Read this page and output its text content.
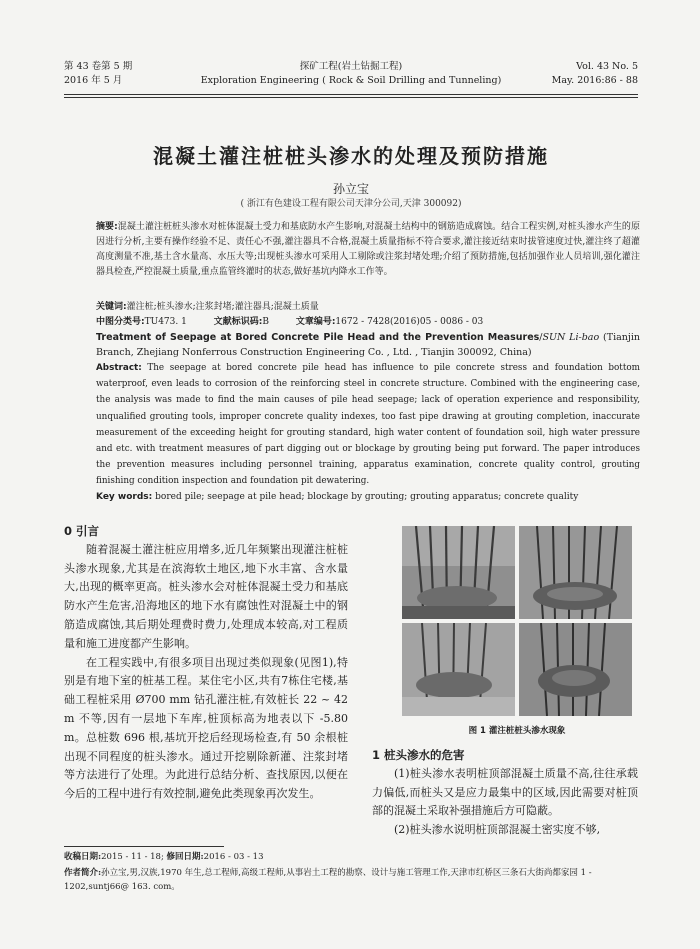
第 43 卷第 5 期
2016 年 5 月
探矿工程(岩土钻掘工程)
Exploration Engineering ( Rock & Soil Drilling and Tunneling)
Vol. 43 No. 5
May. 2016:86 - 88
混凝土灌注桩桩头渗水的处理及预防措施
孙立宝
( 浙江有色建设工程有限公司天津分公司,天津 300092)
摘要:混凝土灌注桩桩头渗水对桩体混凝土受力和基底防水产生影响,对混凝土结构中的钢筋造成腐蚀。结合工程实例,对桩头渗水产生的原因进行分析,主要有操作经验不足、责任心不强,灌注器具不合格,混凝土质量指标不符合要求,灌注接近结束时拔管速度过快,灌注终了超灌高度测量不准,基土含水量高、水压大等;出现桩头渗水可采用人工剔除或注浆封堵处理;介绍了预防措施,包括加强作业人员培训,强化灌注器具检查,严控混凝土质量,重点监管终灌时的状态,做好基坑内降水工作等。
关键词:灌注桩;桩头渗水;注浆封堵;灌注器具;混凝土质量
中图分类号:TU473. 1	文献标识码:B	文章编号:1672 - 7428(2016)05 - 0086 - 03
Treatment of Seepage at Bored Concrete Pile Head and the Prevention Measures/SUN Li-bao (Tianjin Branch, Zhejiang Nonferrous Construction Engineering Co. , Ltd. , Tianjin 300092, China)
Abstract: The seepage at bored concrete pile head has influence to pile concrete stress and foundation bottom waterproof, even leads to corrosion of the reinforcing steel in concrete structure. Combined with the engineering case, the analysis was made to find the main causes of pile head seepage; lack of operation experience and responsibility, unqualified grouting tools, improper concrete quality indexes, too fast pipe drawing at grouting completion, inaccurate measurement of the exceeding height for grouting standard, high water content of foundation soil, high water pressure and etc. with treatment measures of part digging out or blockage by grouting being put forward. The paper introduces the prevention measures including personnel training, apparatus examination, concrete quality control, grouting finishing condition inspection and foundation pit dewatering.
Key words: bored pile; seepage at pile head; blockage by grouting; grouting apparatus; concrete quality
0 引言
随着混凝土灌注桩应用增多,近几年频繁出现灌注桩桩头渗水现象,尤其是在滨海软土地区,地下水丰富、含水量大,出现的概率更高。桩头渗水会对桩体混凝土受力和基底防水产生危害,沿海地区的地下水有腐蚀性对混凝土中的钢筋造成腐蚀,其后期处理费时费力,处理成本较高,对工程质量和施工进度都产生影响。
在工程实践中,有很多项目出现过类似现象(见图1),特别是有地下室的桩基工程。某住宅小区,共有7栋住宅楼,基础工程桩采用 Ø700 mm 钻孔灌注桩,有效桩长 22 ~ 42 m 不等,因有一层地下车库,桩顶标高为地表以下 -5.80 m。总桩数 696 根,基坑开挖后经现场检查,有 50 余根桩出现不同程度的桩头渗水。通过开挖剔除新灌、注浆封堵等方法进行了处理。为此进行总结分析、查找原因,以便在今后的工程中进行有效控制,避免此类现象再次发生。
图 1 灌注桩桩头渗水现象
1 桩头渗水的危害
(1)桩头渗水表明桩顶部混凝土质量不高,往往承载力偏低,而桩头又是应力最集中的区域,因此需要对桩顶部的混凝土采取补强措施后方可隐蔽。
(2)桩头渗水说明桩顶部混凝土密实度不够,
收稿日期:2015 - 11 - 18; 修回日期:2016 - 03 - 13
作者简介:孙立宝,男,汉族,1970 年生,总工程师,高级工程师,从事岩土工程的勘察、设计与施工管理工作,天津市红桥区三条石大街尚都家园 1 - 1202,suntj66@ 163. com。
